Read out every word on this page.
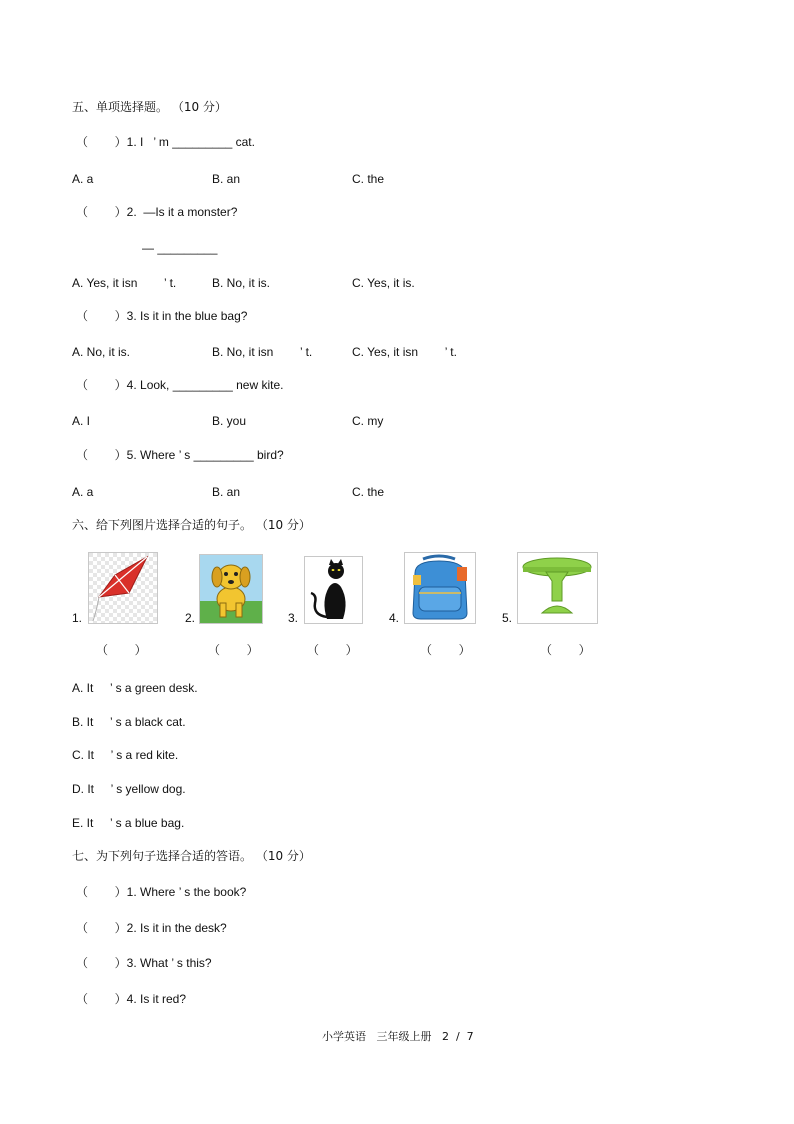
五、单项选择题。 （10 分）
（        ）1. I   ’ m _________ cat.
A. a	B. an	C. the
（        ）2.  —Is it a monster?
— _________
A. Yes, it isn        ’ t.	B. No, it is.	C. Yes, it is.
（        ）3. Is it in the blue bag?
A. No, it is.	B. No, it isn        ’ t.	C. Yes, it isn        ’ t.
（        ）4. Look, _________ new kite.
A. I	B. you	C. my
（        ）5. Where ’ s _________ bird?
A. a	B. an	C. the
六、给下列图片选择合适的句子。 （10 分）
1.
（        ）
2.
（        ）
3.
（        ）
4.
（        ）
5.
（        ）
A. It     ’ s a green desk.
B. It     ’ s a black cat.
C. It     ’ s a red kite.
D. It     ’ s yellow dog.
E. It     ’ s a blue bag.
七、为下列句子选择合适的答语。 （10 分）
（        ）1. Where ’ s the book?
（        ）2. Is it in the desk?
（        ）3. What ’ s this?
（        ）4. Is it red?
小学英语   三年级上册   2  /  7
